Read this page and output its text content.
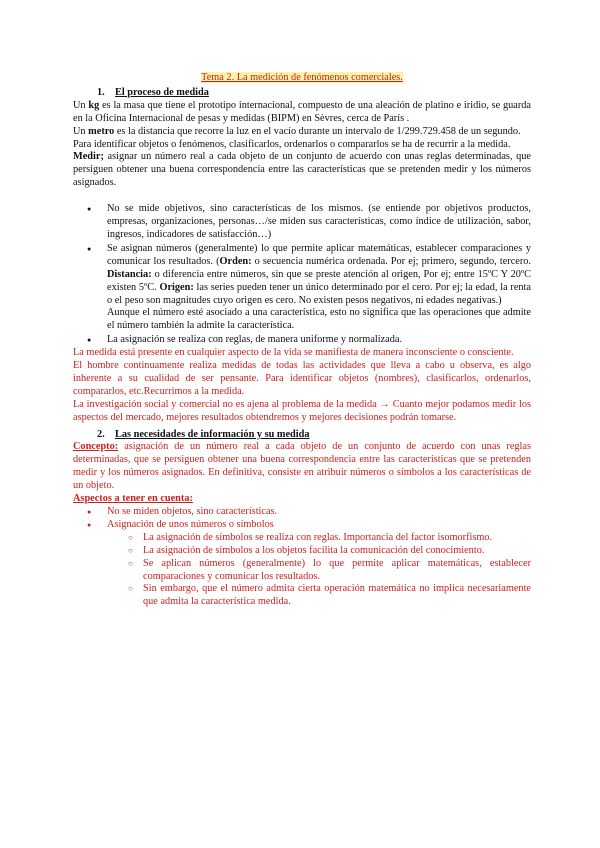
Tema 2. La medición de fenómenos comerciales.
1. El proceso de medida

Un kg es la masa que tiene el prototipo internacional, compuesto de una aleación de platino e iridio, se guarda en la Oficina Internacional de pesas y medidas (BIPM) en Sèvres, cerca de París .

Un metro es la distancia que recorre la luz en el vacío durante un intervalo de 1/299.729.458 de un segundo.

Para identificar objetos o fenómenos, clasificarlos, ordenarlos o compararlos se ha de recurrir a la medida.

Medir; asignar un número real a cada objeto de un conjunto de acuerdo con unas reglas determinadas, que persiguen obtener una buena correspondencia entre las características que se pretenden medir y los números asignados.

● No se mide objetivos, sino características de los mismos. (se entiende por objetivos productos, empresas, organizaciones, personas…/se miden sus características, como índice de utilización, sabor, ingresos, indicadores de satisfacción…)
● Se asignan números (generalmente) lo que permite aplicar matemáticas, establecer comparaciones y comunicar los resultados. (Orden: o secuencia numérica ordenada. Por ej; primero, segundo, tercero. Distancia: o diferencia entre números, sin que se preste atención al origen, Por ej; entre 15ºC Y 20ºC existen 5ºC. Origen: las series pueden tener un único determinado por el cero. Por ej; la edad, la renta o el peso son magnitudes cuyo origen es cero. No existen pesos negativos, ni edades negativas.)

Aunque el número esté asociado a una característica, esto no significa que las operaciones que admite el número también la admite la característica.

● La asignación se realiza con reglas, de manera uniforme y normalizada.

La medida está presente en cualquier aspecto de la vida se manifiesta de manera inconsciente o consciente.

El hombre continuamente realiza medidas de todas las actividades que lleva a cabo u observa, es algo inherente a su cualidad de ser pensante. Para identificar objetos (nombres), clasificarlos, ordenarlos, compararlos, etc.Recurrimos a la medida.

La investigación social y comercial no es ajena al problema de la medida → Cuanto mejor podamos medir los aspectos del mercado, mejores resultados obtendremos y mejores decisiones podrán tomarse.

2. Las necesidades de información y su medida

Concepto: asignación de un número real a cada objeto de un conjunto de acuerdo con unas reglas determinadas, que se persiguen obtener una buena correspondencia entre las características que se pretenden medir y los números asignados. En definitiva, consiste en atribuir números o símbolos a los características de un objeto.

Aspectos a tener en cuenta:

● No se miden objetos, sino características.
● Asignación de unos números o símbolos
○ La asignación de símbolos se realiza con reglas. Importancia del factor isomorfismo.
○ La asignación de símbolos a los objetos facilita la comunicación del conocimiento.
○ Se aplican números (generalmente) lo que permite aplicar matemáticas, establecer comparaciones y comunicar los resultados.
○ Sin embargo, que el número admita cierta operación matemática no implica necesariamente que admita la característica medida.
